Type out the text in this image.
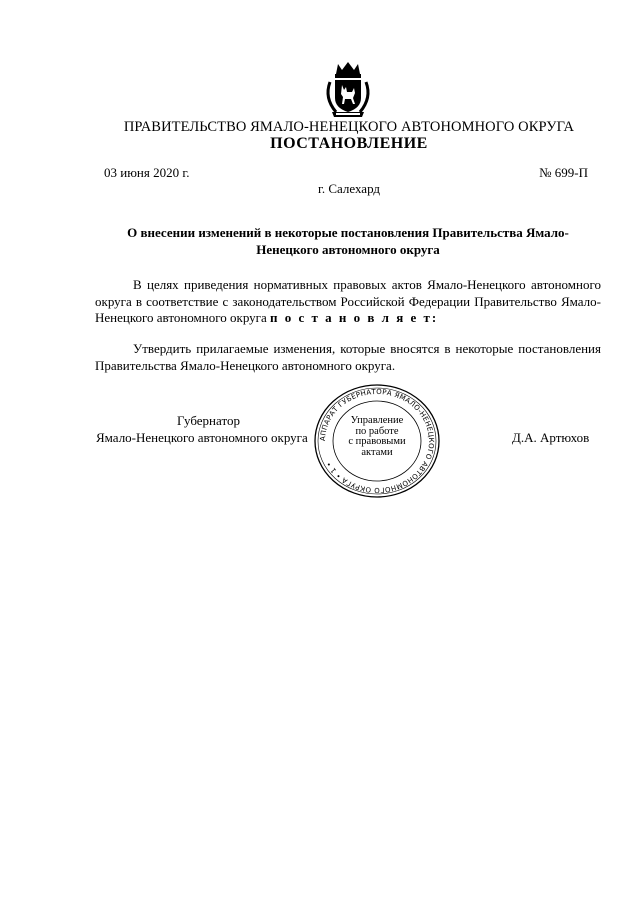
ПРАВИТЕЛЬСТВО ЯМАЛО-НЕНЕЦКОГО АВТОНОМНОГО ОКРУГА
ПОСТАНОВЛЕНИЕ
03 июня 2020 г.	№ 699-П
г. Салехард
О внесении изменений в некоторые постановления Правительства Ямало-Ненецкого автономного округа
В целях приведения нормативных правовых актов Ямало-Ненецкого автономного округа в соответствие с законодательством Российской Федерации Правительство Ямало-Ненецкого автономного округа п о с т а н о в л я е т:
Утвердить прилагаемые изменения, которые вносятся в некоторые постановления Правительства Ямало-Ненецкого автономного округа.
Губернатор
Ямало-Ненецкого автономного округа	Д.А. Артюхов
АППАРАТ ГУБЕРНАТОРА ЯМАЛО-НЕНЕЦКОГО АВТОНОМНОГО ОКРУГА • 1 •
Управление
по работе
с правовыми
актами
